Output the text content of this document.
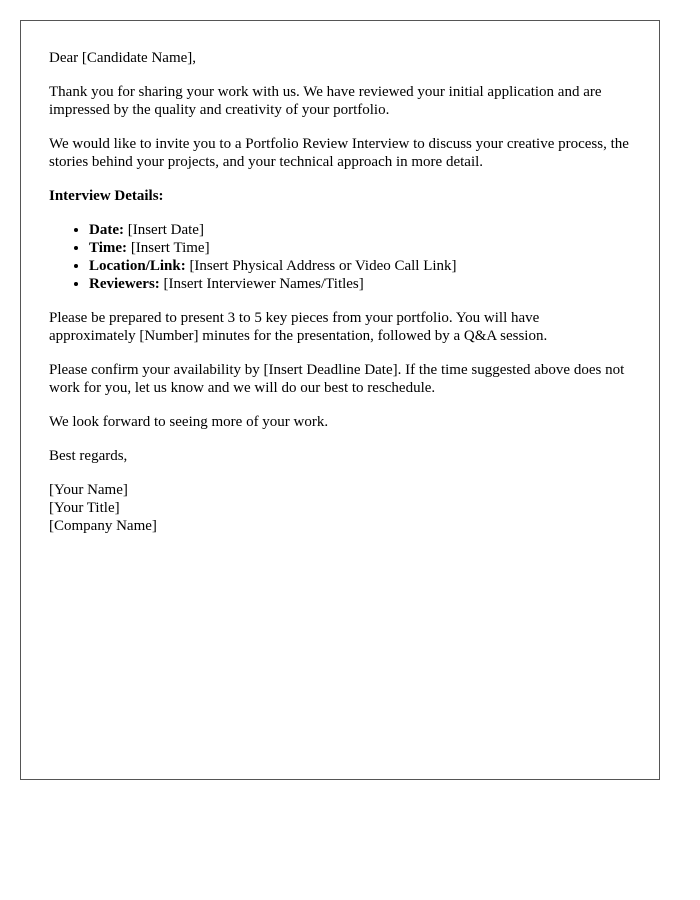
Dear [Candidate Name],

Thank you for sharing your work with us. We have reviewed your initial application and are impressed by the quality and creativity of your portfolio.

We would like to invite you to a Portfolio Review Interview to discuss your creative process, the stories behind your projects, and your technical approach in more detail.

Interview Details:

• Date: [Insert Date]
• Time: [Insert Time]
• Location/Link: [Insert Physical Address or Video Call Link]
• Reviewers: [Insert Interviewer Names/Titles]

Please be prepared to present 3 to 5 key pieces from your portfolio. You will have approximately [Number] minutes for the presentation, followed by a Q&A session.

Please confirm your availability by [Insert Deadline Date]. If the time suggested above does not work for you, let us know and we will do our best to reschedule.

We look forward to seeing more of your work.

Best regards,

[Your Name]
[Your Title]
[Company Name]
